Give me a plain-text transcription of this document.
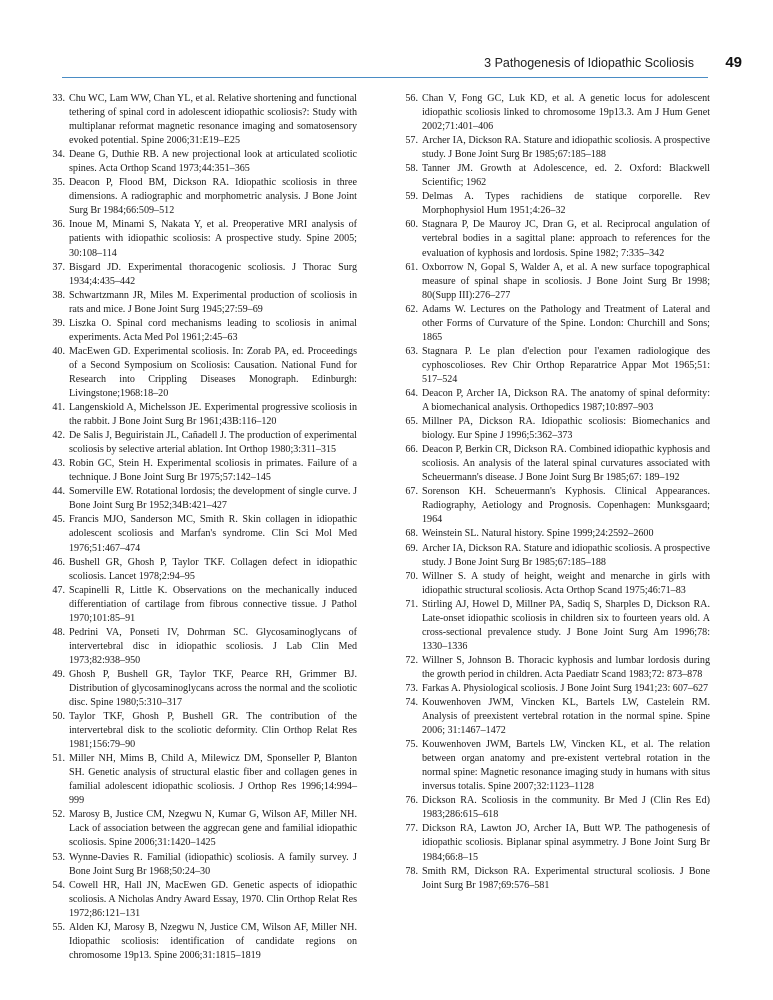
3 Pathogenesis of Idiopathic Scoliosis 49
33. Chu WC, Lam WW, Chan YL, et al. Relative shortening and functional tethering of spinal cord in adolescent idiopathic scoliosis?: Study with multiplanar reformat magnetic resonance imaging and somatosensory evoked potential. Spine 2006;31:E19–E25
34. Deane G, Duthie RB. A new projectional look at articulated scoliotic spines. Acta Orthop Scand 1973;44:351–365
35. Deacon P, Flood BM, Dickson RA. Idiopathic scoliosis in three dimensions. A radiographic and morphometric analysis. J Bone Joint Surg Br 1984;66:509–512
36. Inoue M, Minami S, Nakata Y, et al. Preoperative MRI analysis of patients with idiopathic scoliosis: A prospective study. Spine 2005; 30:108–114
37. Bisgard JD. Experimental thoracogenic scoliosis. J Thorac Surg 1934;4:435–442
38. Schwartzmann JR, Miles M. Experimental production of scoliosis in rats and mice. J Bone Joint Surg 1945;27:59–69
39. Liszka O. Spinal cord mechanisms leading to scoliosis in animal experiments. Acta Med Pol 1961;2:45–63
40. MacEwen GD. Experimental scoliosis. In: Zorab PA, ed. Proceedings of a Second Symposium on Scoliosis: Causation. National Fund for Research into Crippling Diseases Monograph. Edinburgh: Livingstone;1968:18–20
41. Langenskiold A, Michelsson JE. Experimental progressive scoliosis in the rabbit. J Bone Joint Surg Br 1961;43B:116–120
42. De Salis J, Beguiristain JL, Cañadell J. The production of experimental scoliosis by selective arterial ablation. Int Orthop 1980;3:311–315
43. Robin GC, Stein H. Experimental scoliosis in primates. Failure of a technique. J Bone Joint Surg Br 1975;57:142–145
44. Somerville EW. Rotational lordosis; the development of single curve. J Bone Joint Surg Br 1952;34B:421–427
45. Francis MJO, Sanderson MC, Smith R. Skin collagen in idiopathic adolescent scoliosis and Marfan's syndrome. Clin Sci Mol Med 1976;51:467–474
46. Bushell GR, Ghosh P, Taylor TKF. Collagen defect in idiopathic scoliosis. Lancet 1978;2:94–95
47. Scapinelli R, Little K. Observations on the mechanically induced differentiation of cartilage from fibrous connective tissue. J Pathol 1970;101:85–91
48. Pedrini VA, Ponseti IV, Dohrman SC. Glycosaminoglycans of intervertebral disc in idiopathic scoliosis. J Lab Clin Med 1973;82:938–950
49. Ghosh P, Bushell GR, Taylor TKF, Pearce RH, Grimmer BJ. Distribution of glycosaminoglycans across the normal and the scoliotic disc. Spine 1980;5:310–317
50. Taylor TKF, Ghosh P, Bushell GR. The contribution of the intervertebral disk to the scoliotic deformity. Clin Orthop Relat Res 1981;156:79–90
51. Miller NH, Mims B, Child A, Milewicz DM, Sponseller P, Blanton SH. Genetic analysis of structural elastic fiber and collagen genes in familial adolescent idiopathic scoliosis. J Orthop Res 1996;14:994–999
52. Marosy B, Justice CM, Nzegwu N, Kumar G, Wilson AF, Miller NH. Lack of association between the aggrecan gene and familial idiopathic scoliosis. Spine 2006;31:1420–1425
53. Wynne-Davies R. Familial (idiopathic) scoliosis. A family survey. J Bone Joint Surg Br 1968;50:24–30
54. Cowell HR, Hall JN, MacEwen GD. Genetic aspects of idiopathic scoliosis. A Nicholas Andry Award Essay, 1970. Clin Orthop Relat Res 1972;86:121–131
55. Alden KJ, Marosy B, Nzegwu N, Justice CM, Wilson AF, Miller NH. Idiopathic scoliosis: identification of candidate regions on chromosome 19p13. Spine 2006;31:1815–1819
56. Chan V, Fong GC, Luk KD, et al. A genetic locus for adolescent idiopathic scoliosis linked to chromosome 19p13.3. Am J Hum Genet 2002;71:401–406
57. Archer IA, Dickson RA. Stature and idiopathic scoliosis. A prospective study. J Bone Joint Surg Br 1985;67:185–188
58. Tanner JM. Growth at Adolescence, ed. 2. Oxford: Blackwell Scientific; 1962
59. Delmas A. Types rachidiens de statique corporelle. Rev Morphophysiol Hum 1951;4:26–32
60. Stagnara P, De Mauroy JC, Dran G, et al. Reciprocal angulation of vertebral bodies in a sagittal plane: approach to references for the evaluation of kyphosis and lordosis. Spine 1982; 7:335–342
61. Oxborrow N, Gopal S, Walder A, et al. A new surface topographical measure of spinal shape in scoliosis. J Bone Joint Surg Br 1998; 80(Supp III):276–277
62. Adams W. Lectures on the Pathology and Treatment of Lateral and other Forms of Curvature of the Spine. London: Churchill and Sons; 1865
63. Stagnara P. Le plan d'election pour l'examen radiologique des cyphoscolioses. Rev Chir Orthop Reparatrice Appar Mot 1965;51: 517–524
64. Deacon P, Archer IA, Dickson RA. The anatomy of spinal deformity: A biomechanical analysis. Orthopedics 1987;10:897–903
65. Millner PA, Dickson RA. Idiopathic scoliosis: Biomechanics and biology. Eur Spine J 1996;5:362–373
66. Deacon P, Berkin CR, Dickson RA. Combined idiopathic kyphosis and scoliosis. An analysis of the lateral spinal curvatures associated with Scheuermann's disease. J Bone Joint Surg Br 1985;67: 189–192
67. Sorenson KH. Scheuermann's Kyphosis. Clinical Appearances. Radiography, Aetiology and Prognosis. Copenhagen: Munksgaard; 1964
68. Weinstein SL. Natural history. Spine 1999;24:2592–2600
69. Archer IA, Dickson RA. Stature and idiopathic scoliosis. A prospective study. J Bone Joint Surg Br 1985;67:185–188
70. Willner S. A study of height, weight and menarche in girls with idiopathic structural scoliosis. Acta Orthop Scand 1975;46:71–83
71. Stirling AJ, Howel D, Millner PA, Sadiq S, Sharples D, Dickson RA. Late-onset idiopathic scoliosis in children six to fourteen years old. A cross-sectional prevalence study. J Bone Joint Surg Am 1996;78: 1330–1336
72. Willner S, Johnson B. Thoracic kyphosis and lumbar lordosis during the growth period in children. Acta Paediatr Scand 1983;72: 873–878
73. Farkas A. Physiological scoliosis. J Bone Joint Surg 1941;23: 607–627
74. Kouwenhoven JWM, Vincken KL, Bartels LW, Castelein RM. Analysis of preexistent vertebral rotation in the normal spine. Spine 2006; 31:1467–1472
75. Kouwenhoven JWM, Bartels LW, Vincken KL, et al. The relation between organ anatomy and pre-existent vertebral rotation in the normal spine: Magnetic resonance imaging study in humans with situs inversus totalis. Spine 2007;32:1123–1128
76. Dickson RA. Scoliosis in the community. Br Med J (Clin Res Ed) 1983;286:615–618
77. Dickson RA, Lawton JO, Archer IA, Butt WP. The pathogenesis of idiopathic scoliosis. Biplanar spinal asymmetry. J Bone Joint Surg Br 1984;66:8–15
78. Smith RM, Dickson RA. Experimental structural scoliosis. J Bone Joint Surg Br 1987;69:576–581
